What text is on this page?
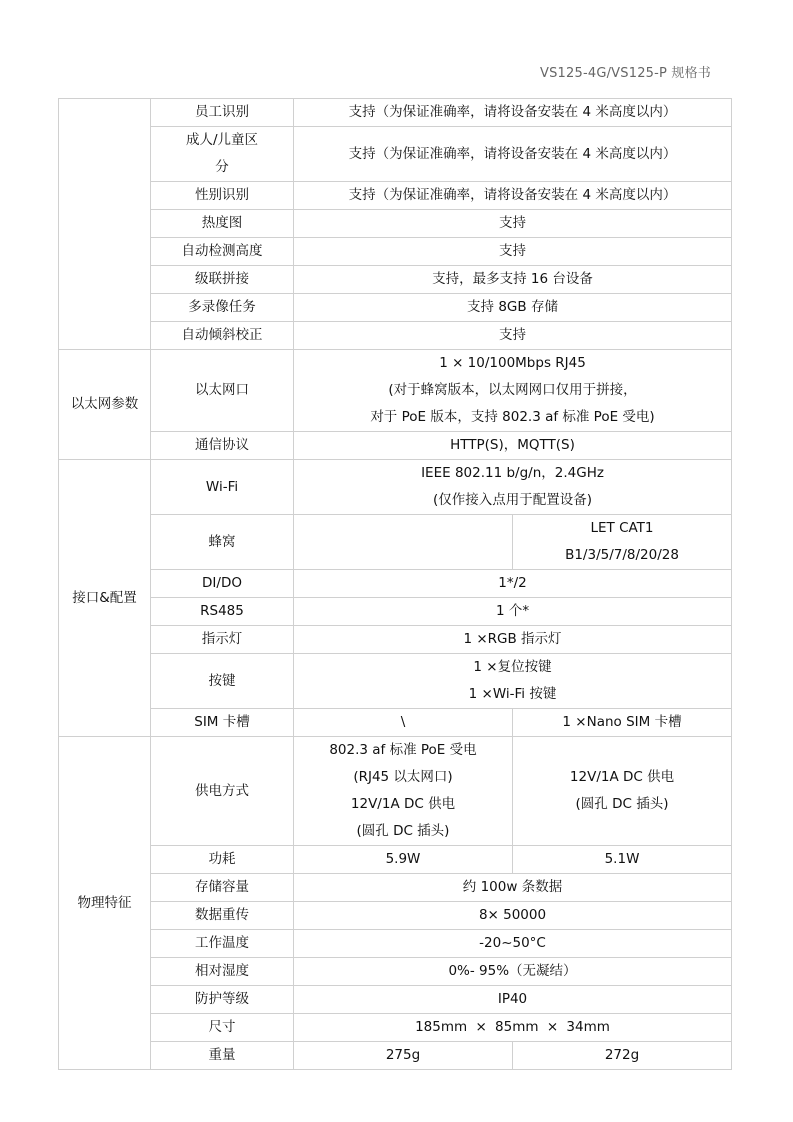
VS125-4G/VS125-P 规格书
	员工识别	支持（为保证准确率，请将设备安装在 4 米高度以内）	

	成人/儿童区
分	支持（为保证准确率，请将设备安装在 4 米高度以内）	
	性别识别	支持（为保证准确率，请将设备安装在 4 米高度以内）	
	热度图	支持	
	自动检测高度	支持	
	级联拼接	支持，最多支持 16 台设备	
	多录像任务	支持 8GB 存储	
	自动倾斜校正	支持	
以太网参数	以太网口	1 × 10/100Mbps RJ45
(对于蜂窝版本，以太网网口仅用于拼接，
对于 PoE 版本，支持 802.3 af 标准 PoE 受电)	

	通信协议	HTTP(S)，MQTT(S)	
接口&配置	Wi-Fi	IEEE 802.11 b/g/n，2.4GHz
(仅作接入点用于配置设备)	

	蜂窝		LET CAT1
B1/3/5/7/8/20/28

	DI/DO	1*/2	
	RS485	1 个*	
	指示灯	1 ×RGB 指示灯	
	按键	1 ×复位按键
1 ×Wi-Fi 按键	

	SIM 卡槽	\	1 ×Nano SIM 卡槽
物理特征	供电方式	802.3 af 标准 PoE 受电
(RJ45 以太网口)
12V/1A DC 供电
(圆孔 DC 插头)	12V/1A DC 供电
(圆孔 DC 插头)

	功耗	5.9W	5.1W
	存储容量	约 100w 条数据	
	数据重传	8× 50000	
	工作温度	-20~50°C	
	相对湿度	0%- 95%（无凝结）	
	防护等级	IP40	
	尺寸	185mm × 85mm × 34mm	
	重量	275g	272g
